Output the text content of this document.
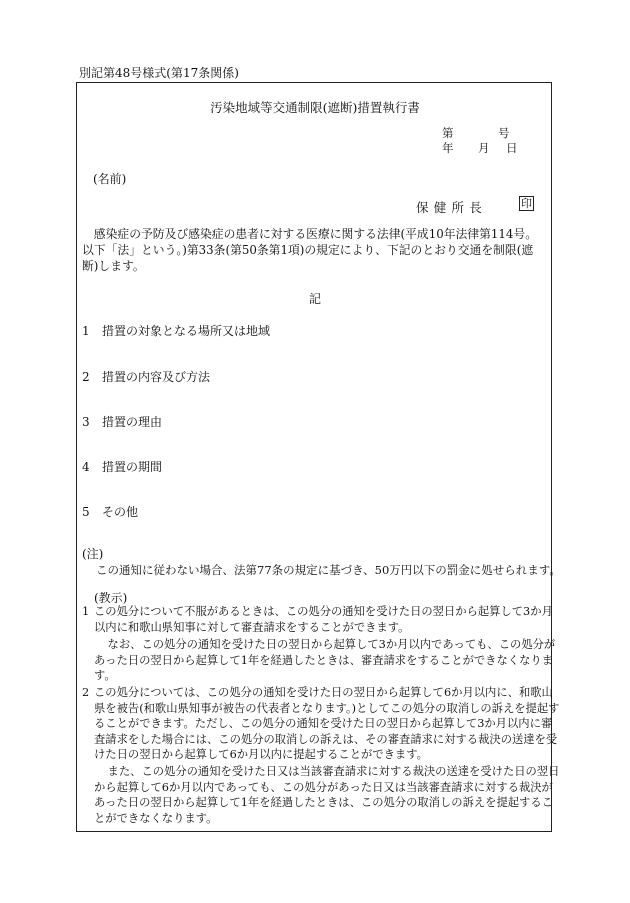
別記第48号様式(第17条関係)
汚染地域等交通制限(遮断)措置執行書
第	号
年 月 日
(名前)
保健所長	印
感染症の予防及び感染症の患者に対する医療に関する法律(平成10年法律第114号。以下「法」という。)第33条(第50条第1項)の規定により、下記のとおり交通を制限(遮断)します。
記
1 措置の対象となる場所又は地域
2 措置の内容及び方法
3 措置の理由
4 措置の期間
5 その他
(注)
この通知に従わない場合、法第77条の規定に基づき、50万円以下の罰金に処せられます。
(教示)
1 この処分について不服があるときは、この処分の通知を受けた日の翌日から起算して3か月以内に和歌山県知事に対して審査請求をすることができます。
なお、この処分の通知を受けた日の翌日から起算して3か月以内であっても、この処分があった日の翌日から起算して1年を経過したときは、審査請求をすることができなくなります。
2 この処分については、この処分の通知を受けた日の翌日から起算して6か月以内に、和歌山県を被告(和歌山県知事が被告の代表者となります。)としてこの処分の取消しの訴えを提起することができます。ただし、この処分の通知を受けた日の翌日から起算して3か月以内に審査請求をした場合には、この処分の取消しの訴えは、その審査請求に対する裁決の送達を受けた日の翌日から起算して6か月以内に提起することができます。
また、この処分の通知を受けた日又は当該審査請求に対する裁決の送達を受けた日の翌日から起算して6か月以内であっても、この処分があった日又は当該審査請求に対する裁決があった日の翌日から起算して1年を経過したときは、この処分の取消しの訴えを提起することができなくなります。
